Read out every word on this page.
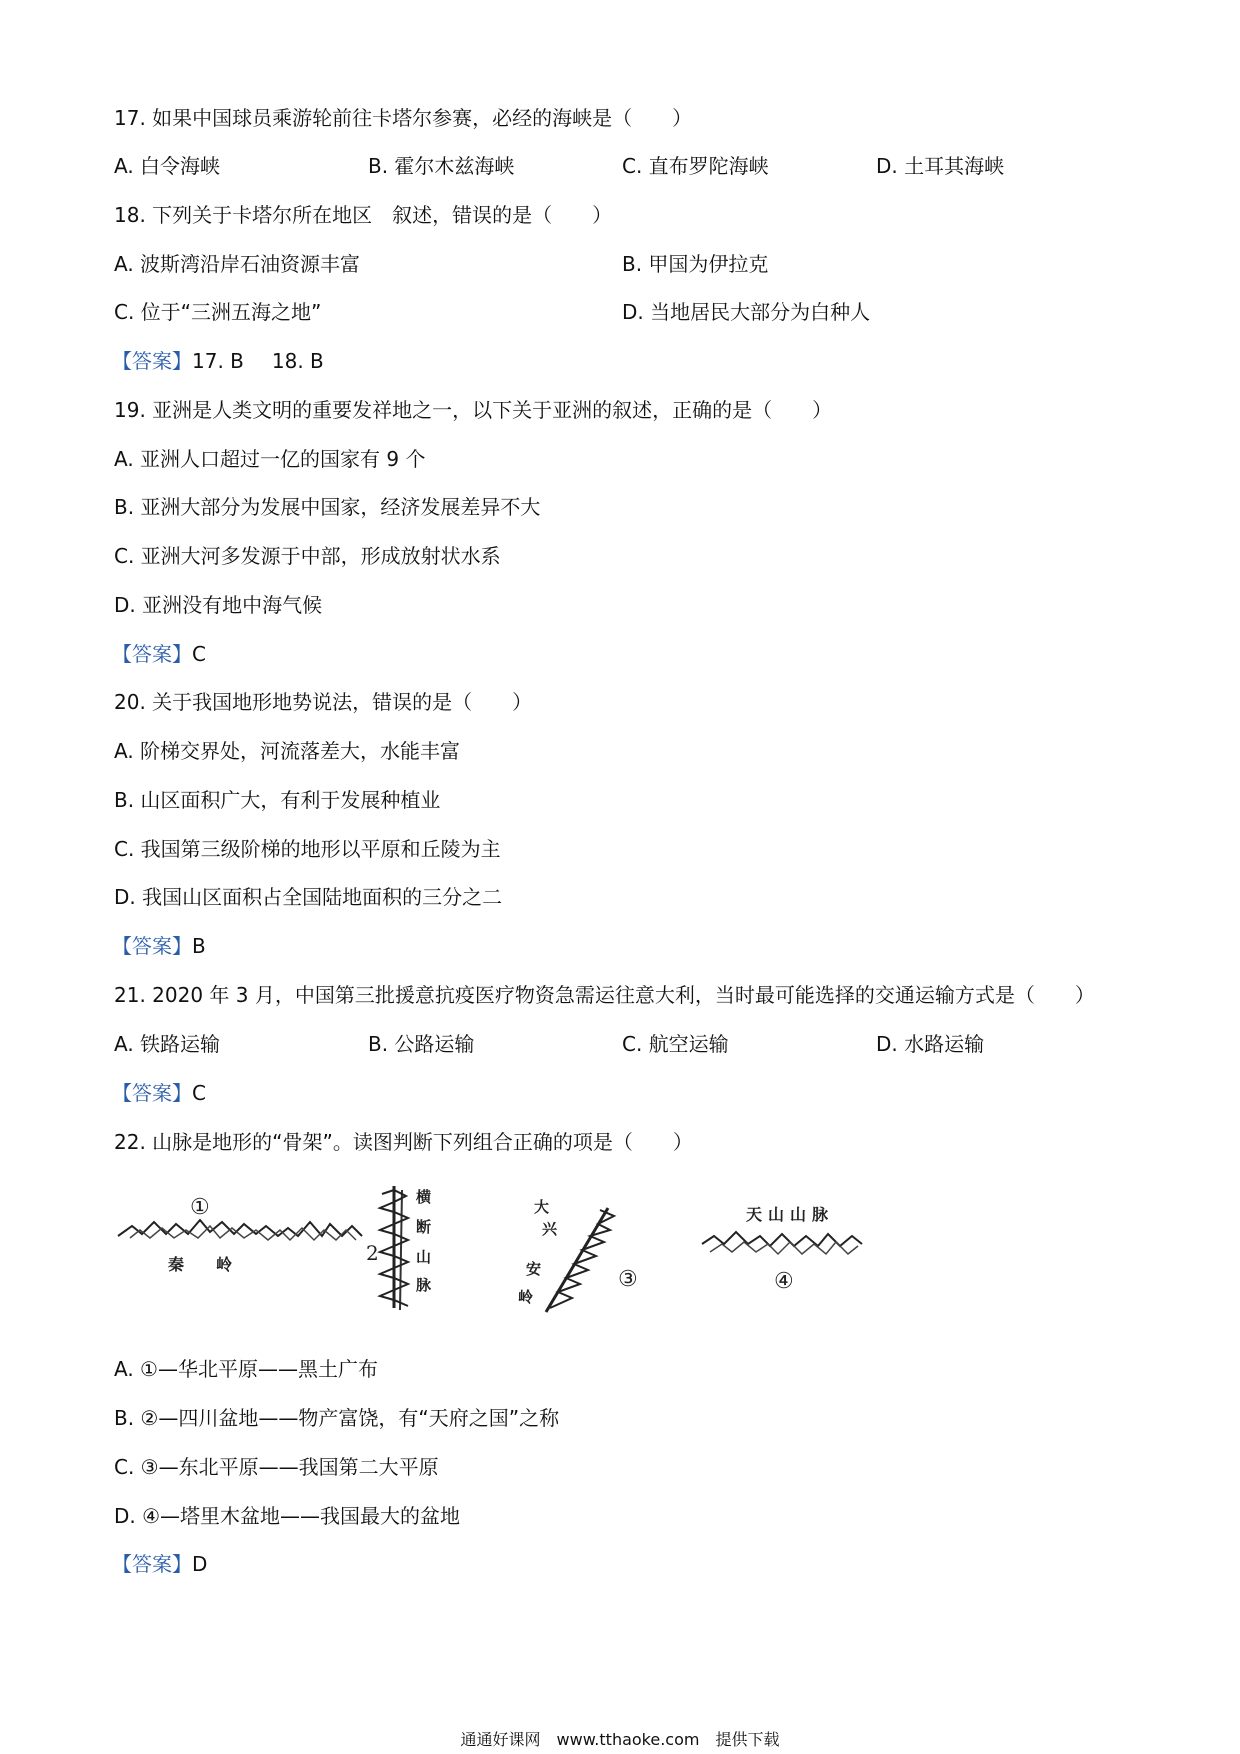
17. 如果中国球员乘游轮前往卡塔尔参赛，必经的海峡是（　　）
A. 白令海峡	B. 霍尔木兹海峡	C. 直布罗陀海峡	D. 土耳其海峡
18. 下列关于卡塔尔所在地区　叙述，错误的是（　　）
A. 波斯湾沿岸石油资源丰富	B. 甲国为伊拉克
C. 位于“三洲五海之地”	D. 当地居民大部分为白种人
【答案】17. B 18. B
19. 亚洲是人类文明的重要发祥地之一，以下关于亚洲的叙述，正确的是（　　）
A. 亚洲人口超过一亿的国家有 9 个
B. 亚洲大部分为发展中国家，经济发展差异不大
C. 亚洲大河多发源于中部，形成放射状水系
D. 亚洲没有地中海气候
【答案】C
20. 关于我国地形地势说法，错误的是（　　）
A. 阶梯交界处，河流落差大，水能丰富
B. 山区面积广大，有利于发展种植业
C. 我国第三级阶梯的地形以平原和丘陵为主
D. 我国山区面积占全国陆地面积的三分之二
【答案】B
21. 2020 年 3 月，中国第三批援意抗疫医疗物资急需运往意大利，当时最可能选择的交通运输方式是（　　）
A. 铁路运输	B. 公路运输	C. 航空运输	D. 水路运输
【答案】C
22. 山脉是地形的“骨架”。读图判断下列组合正确的项是（　　）
①
秦 岭	2
横
断
山
脉
大
兴
安
岭
③
天山山脉
④
A. ①—华北平原——黑土广布
B. ②—四川盆地——物产富饶，有“天府之国”之称
C. ③—东北平原——我国第二大平原
D. ④—塔里木盆地——我国最大的盆地
【答案】D
通通好课网　www.tthaoke.com　提供下载
